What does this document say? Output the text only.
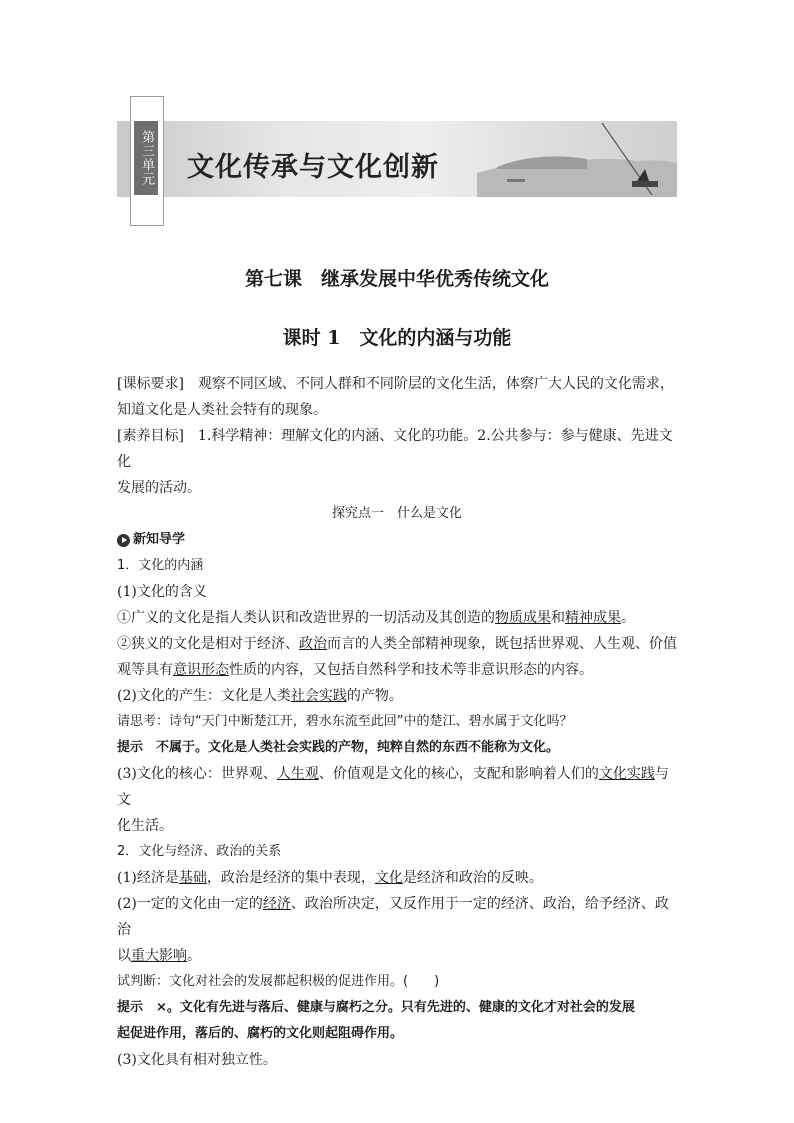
第三单元 文化传承与文化创新
第七课　继承发展中华优秀传统文化
课时 1　文化的内涵与功能

[课标要求]　观察不同区域、不同人群和不同阶层的文化生活，体察广大人民的文化需求，

知道文化是人类社会特有的现象。

[素养目标]　1.科学精神：理解文化的内涵、文化的功能。2.公共参与：参与健康、先进文化

发展的活动。

探究点一　什么是文化

新知导学

1．文化的内涵

(1)文化的含义

①广义的文化是指人类认识和改造世界的一切活动及其创造的物质成果和精神成果。

②狭义的文化是相对于经济、政治而言的人类全部精神现象，既包括世界观、人生观、价值
观等具有意识形态性质的内容，又包括自然科学和技术等非意识形态的内容。

(2)文化的产生：文化是人类社会实践的产物。

请思考：诗句“天门中断楚江开，碧水东流至此回”中的楚江、碧水属于文化吗？

提示　不属于。文化是人类社会实践的产物，纯粹自然的东西不能称为文化。

(3)文化的核心：世界观、人生观、价值观是文化的核心，支配和影响着人们的文化实践与文
化生活。

2．文化与经济、政治的关系

(1)经济是基础，政治是经济的集中表现，文化是经济和政治的反映。

(2)一定的文化由一定的经济、政治所决定，又反作用于一定的经济、政治，给予经济、政治
以重大影响。

试判断：文化对社会的发展都起积极的促进作用。(　　)

提示　×。文化有先进与落后、健康与腐朽之分。只有先进的、健康的文化才对社会的发展
起促进作用，落后的、腐朽的文化则起阻碍作用。

(3)文化具有相对独立性。
